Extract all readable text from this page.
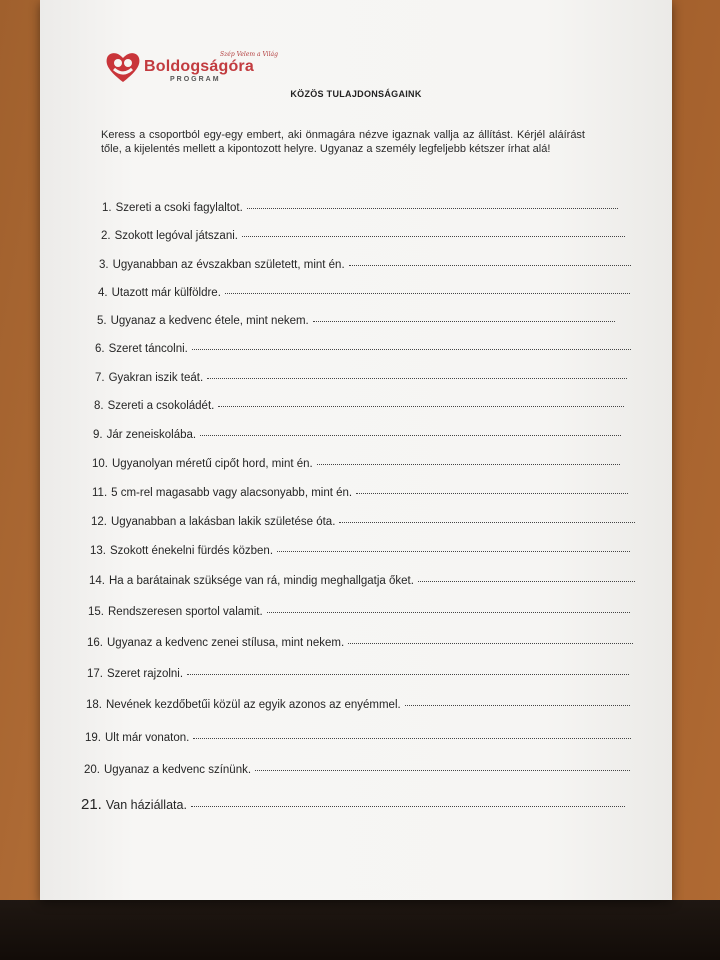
Szép Velem a Világ
Boldogságóra
PROGRAM
KÖZÖS TULAJDONSÁGAINK
Keress a csoportból egy-egy embert, aki önmagára nézve igaznak vallja az állítást. Kérjél aláírást tőle, a kijelentés mellett a kipontozott helyre. Ugyanaz a személy legfeljebb kétszer írhat alá!
1. Szereti a csoki fagylaltot.
2. Szokott legóval játszani.
3. Ugyanabban az évszakban született, mint én.
4. Utazott már külföldre.
5. Ugyanaz a kedvenc étele, mint nekem.
6. Szeret táncolni.
7. Gyakran iszik teát.
8. Szereti a csokoládét.
9. Jár zeneiskolába.
10. Ugyanolyan méretű cipőt hord, mint én.
11. 5 cm-rel magasabb vagy alacsonyabb, mint én.
12. Ugyanabban a lakásban lakik születése óta.
13. Szokott énekelni fürdés közben.
14. Ha a barátainak szüksége van rá, mindig meghallgatja őket.
15. Rendszeresen sportol valamit.
16. Ugyanaz a kedvenc zenei stílusa, mint nekem.
17. Szeret rajzolni.
18. Nevének kezdőbetűi közül az egyik azonos az enyémmel.
19. Ült már vonaton.
20. Ugyanaz a kedvenc színünk.
21. Van háziállata.
